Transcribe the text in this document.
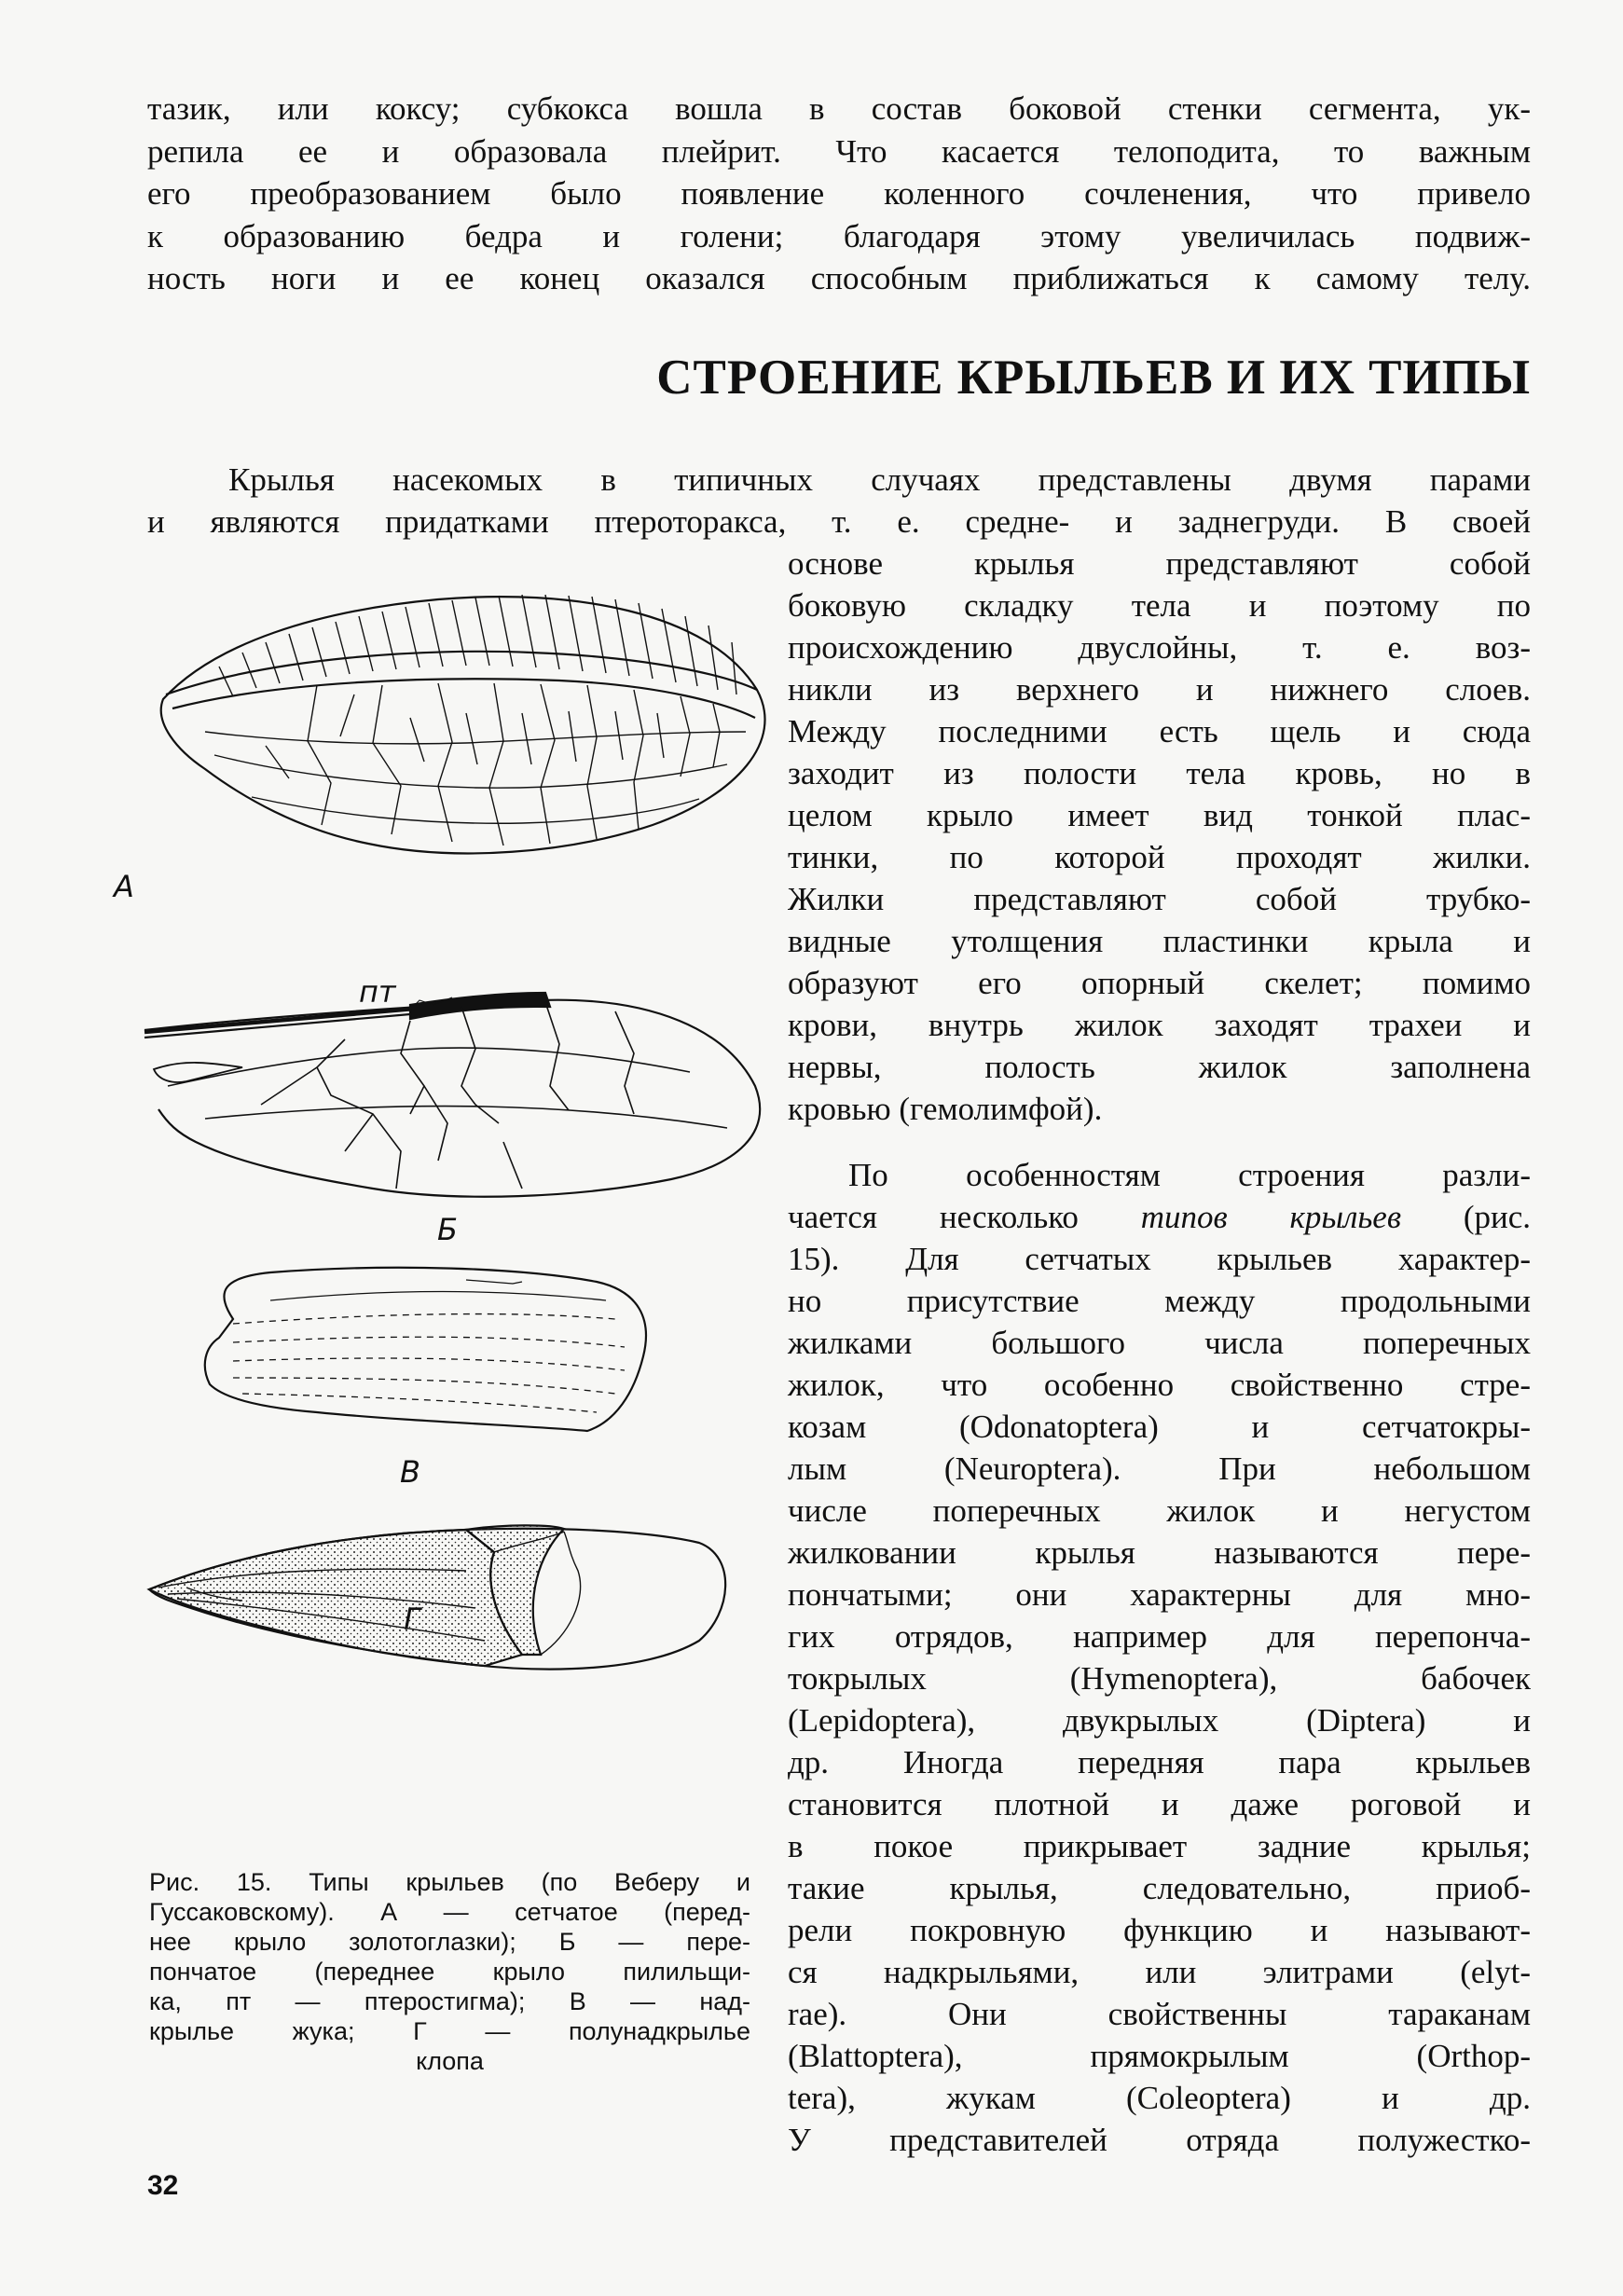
тазик, или коксу; субкокса вошла в состав боковой стенки сегмента, ук-

репила ее и образовала плейрит. Что касается телоподита, то важным

его преобразованием было появление коленного сочленения, что привело

к образованию бедра и голени; благодаря этому увеличилась подвиж-

ность ноги и ее конец оказался способным приближаться к самому телу.

СТРОЕНИЕ КРЫЛЬЕВ И ИХ ТИПЫ

Крылья насекомых в типичных случаях представлены двумя парами

и являются придатками птероторакса, т. е. средне- и заднегруди. В своей

основе крылья представляют собой

боковую складку тела и поэтому по

происхождению двуслойны, т. е. воз-

никли из верхнего и нижнего слоев.

Между последними есть щель и сюда

заходит из полости тела кровь, но в

целом крыло имеет вид тонкой плас-

тинки, по которой проходят жилки.

Жилки представляют собой трубко-

видные утолщения пластинки крыла и

образуют его опорный скелет; помимо

крови, внутрь жилок заходят трахеи и

нервы, полость жилок заполнена

кровью (гемолимфой).

По особенностям строения разли-

чается несколько типов крыльев (рис.

15). Для сетчатых крыльев характер-

но присутствие между продольными

жилками большого числа поперечных

жилок, что особенно свойственно стре-

козам (Odonatoptera) и сетчатокры-

лым (Neuroptera). При небольшом

числе поперечных жилок и негустом

жилковании крылья называются пере-

пончатыми; они характерны для мно-

гих отрядов, например для перепонча-

токрылых (Hymenoptera), бабочек

(Lepidoptera), двукрылых (Diptera) и

др. Иногда передняя пара крыльев

становится плотной и даже роговой и

в покое прикрывает задние крылья;

такие крылья, следовательно, приоб-

рели покровную функцию и называют-

ся надкрыльями, или элитрами (elyt-

rae). Они свойственны тараканам

(Blattoptera), прямокрылым (Orthop-

tera), жукам (Coleoptera) и др.

У представителей отряда полужестко-

А
пт
Б
В
Г

Рис. 15. Типы крыльев (по Веберу и
Гуссаковскому). А — сетчатое (перед-
нее крыло золотоглазки); Б — пере-
пончатое (переднее крыло пилильщи-
ка, пт — птеростигма); В — над-
крылье жука; Г — полунадкрылье
клопа

32
